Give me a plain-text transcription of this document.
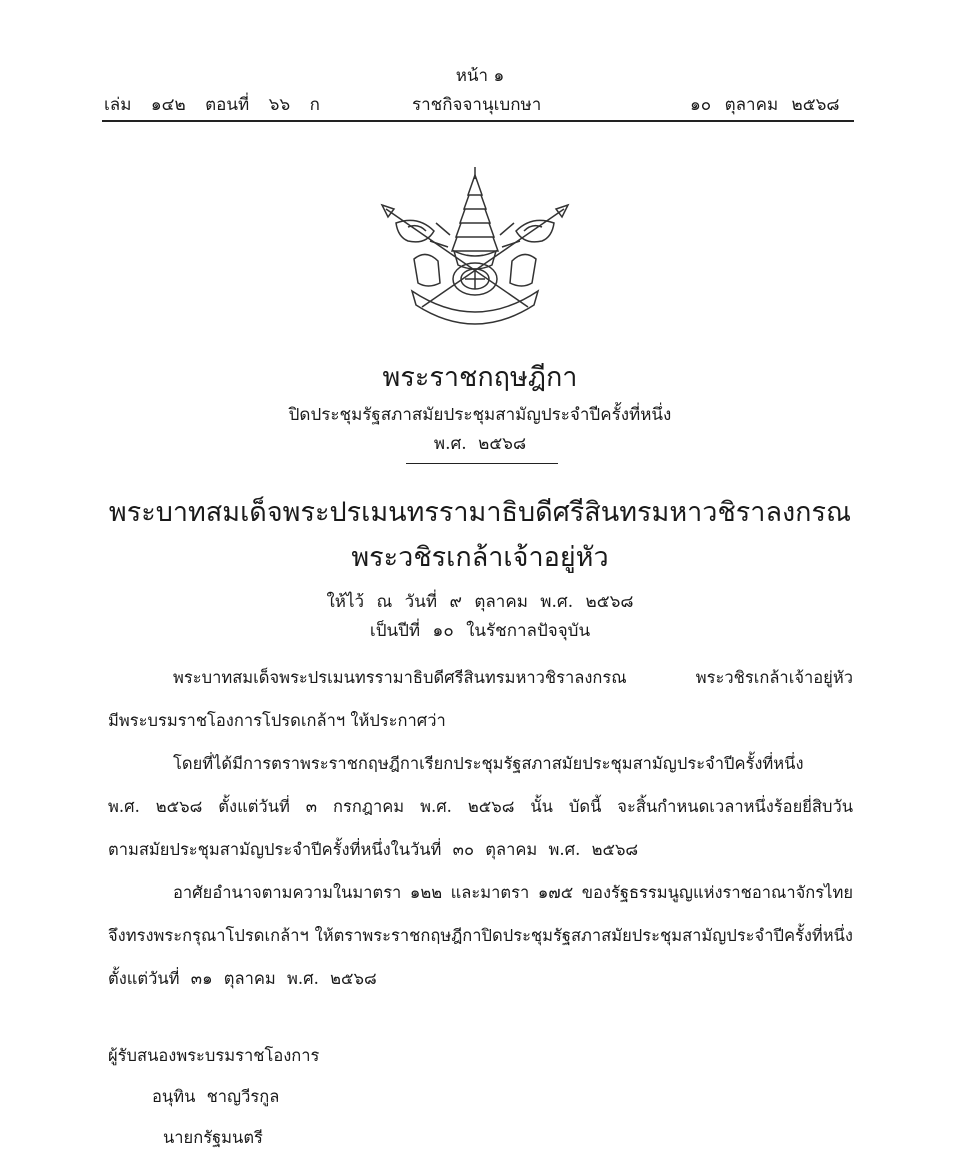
หน้า ๑
เล่ม ๑๔๒ ตอนที่ ๖๖ ก	ราชกิจจานุเบกษา	๑๐ ตุลาคม ๒๕๖๘
พระราชกฤษฎีกา
ปิดประชุมรัฐสภาสมัยประชุมสามัญประจำปีครั้งที่หนึ่ง
พ.ศ. ๒๕๖๘
พระบาทสมเด็จพระปรเมนทรรามาธิบดีศรีสินทรมหาวชิราลงกรณ
พระวชิรเกล้าเจ้าอยู่หัว
ให้ไว้ ณ วันที่ ๙ ตุลาคม พ.ศ. ๒๕๖๘
เป็นปีที่ ๑๐ ในรัชกาลปัจจุบัน
พระบาทสมเด็จพระปรเมนทรรามาธิบดีศรีสินทรมหาวชิราลงกรณ พระวชิรเกล้าเจ้าอยู่หัว
มีพระบรมราชโองการโปรดเกล้าฯ ให้ประกาศว่า
โดยที่ได้มีการตราพระราชกฤษฎีกาเรียกประชุมรัฐสภาสมัยประชุมสามัญประจำปีครั้งที่หนึ่ง
พ.ศ. ๒๕๖๘ ตั้งแต่วันที่ ๓ กรกฎาคม พ.ศ. ๒๕๖๘ นั้น บัดนี้ จะสิ้นกำหนดเวลาหนึ่งร้อยยี่สิบวัน
ตามสมัยประชุมสามัญประจำปีครั้งที่หนึ่งในวันที่ ๓๐ ตุลาคม พ.ศ. ๒๕๖๘
อาศัยอำนาจตามความในมาตรา ๑๒๒ และมาตรา ๑๗๕ ของรัฐธรรมนูญแห่งราชอาณาจักรไทย
จึงทรงพระกรุณาโปรดเกล้าฯ ให้ตราพระราชกฤษฎีกาปิดประชุมรัฐสภาสมัยประชุมสามัญประจำปีครั้งที่หนึ่ง
ตั้งแต่วันที่ ๓๑ ตุลาคม พ.ศ. ๒๕๖๘
ผู้รับสนองพระบรมราชโองการ
อนุทิน ชาญวีรกูล
นายกรัฐมนตรี
